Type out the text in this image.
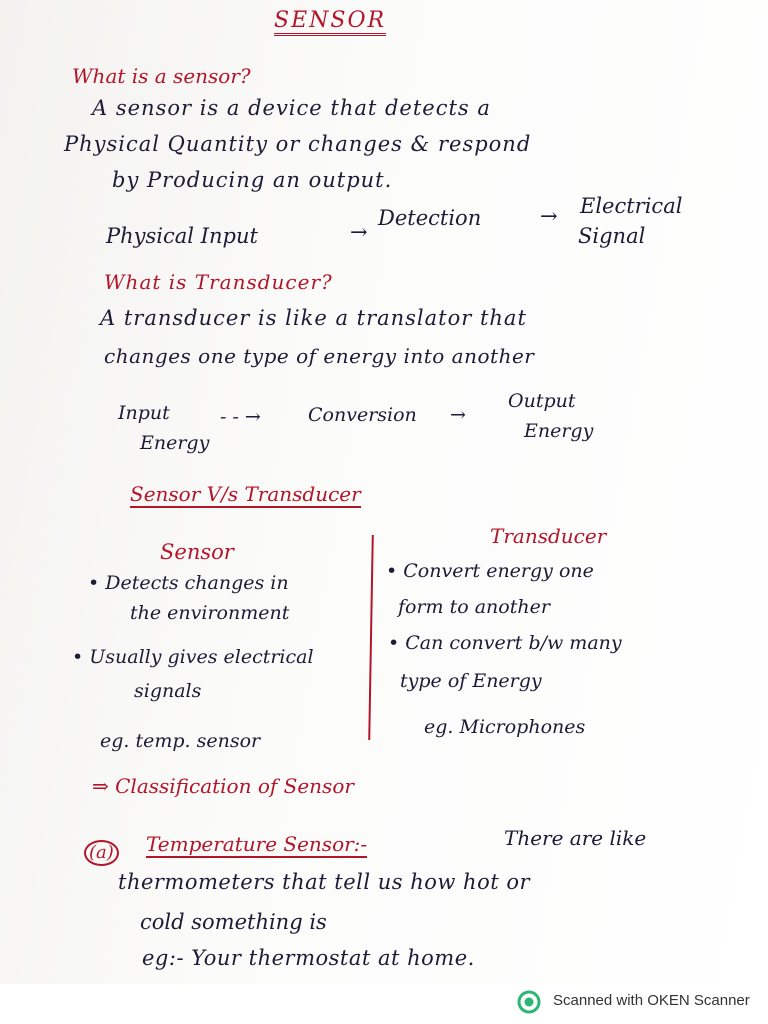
SENSOR
What is a sensor?
A sensor is a device that detects a
Physical Quantity or changes & respond
by Producing an output.
Physical Input	→
Detection	→ Electrical
Signal
What is Transducer?
A transducer is like a translator that
changes one type of energy into another
Input
Energy
- - → Conversion →
Output
Energy
Sensor V/s Transducer
Sensor
• Detects changes in
the environment
• Usually gives electrical
signals
eg. temp. sensor
Transducer
• Convert energy one
form to another
• Can convert b/w many
type of Energy
eg. Microphones
⇒ Classification of Sensor
(a) Temperature Sensor:-	There are like
thermometers that tell us how hot or
cold something is
eg:- Your thermostat at home.
Scanned with OKEN Scanner
